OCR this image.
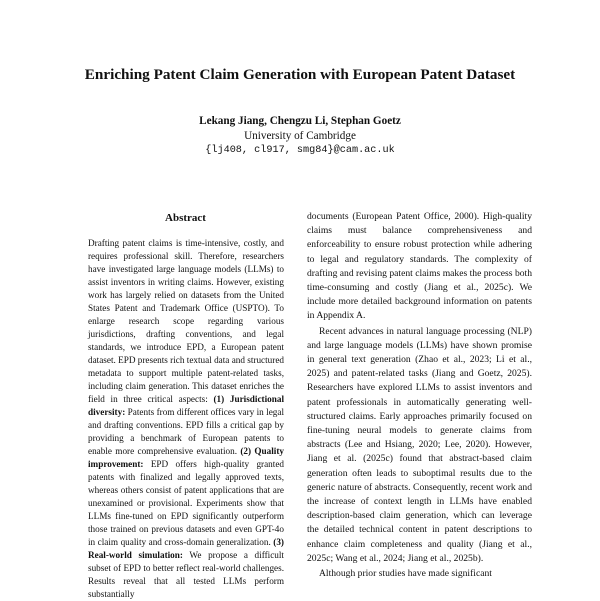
Enriching Patent Claim Generation with European Patent Dataset
Lekang Jiang, Chengzu Li, Stephan Goetz
University of Cambridge
{lj408, cl917, smg84}@cam.ac.uk
Abstract

Drafting patent claims is time-intensive, costly, and requires professional skill. Therefore, researchers have investigated large language models (LLMs) to assist inventors in writing claims. However, existing work has largely relied on datasets from the United States Patent and Trademark Office (USPTO). To enlarge research scope regarding various jurisdictions, drafting conventions, and legal standards, we introduce EPD, a European patent dataset. EPD presents rich textual data and structured metadata to support multiple patent-related tasks, including claim generation. This dataset enriches the field in three critical aspects: (1) Jurisdictional diversity: Patents from different offices vary in legal and drafting conventions. EPD fills a critical gap by providing a benchmark of European patents to enable more comprehensive evaluation. (2) Quality improvement: EPD offers high-quality granted patents with finalized and legally approved texts, whereas others consist of patent applications that are unexamined or provisional. Experiments show that LLMs fine-tuned on EPD significantly outperform those trained on previous datasets and even GPT-4o in claim quality and cross-domain generalization. (3) Real-world simulation: We propose a difficult subset of EPD to better reflect real-world challenges. Results reveal that all tested LLMs perform substantially

documents (European Patent Office, 2000). High-quality claims must balance comprehensiveness and enforceability to ensure robust protection while adhering to legal and regulatory standards. The complexity of drafting and revising patent claims makes the process both time-consuming and costly (Jiang et al., 2025c). We include more detailed background information on patents in Appendix A.

Recent advances in natural language processing (NLP) and large language models (LLMs) have shown promise in general text generation (Zhao et al., 2023; Li et al., 2025) and patent-related tasks (Jiang and Goetz, 2025). Researchers have explored LLMs to assist inventors and patent professionals in automatically generating well-structured claims. Early approaches primarily focused on fine-tuning neural models to generate claims from abstracts (Lee and Hsiang, 2020; Lee, 2020). However, Jiang et al. (2025c) found that abstract-based claim generation often leads to suboptimal results due to the generic nature of abstracts. Consequently, recent work and the increase of context length in LLMs have enabled description-based claim generation, which can leverage the detailed technical content in patent descriptions to enhance claim completeness and quality (Jiang et al., 2025c; Wang et al., 2024; Jiang et al., 2025b).

Although prior studies have made significant
